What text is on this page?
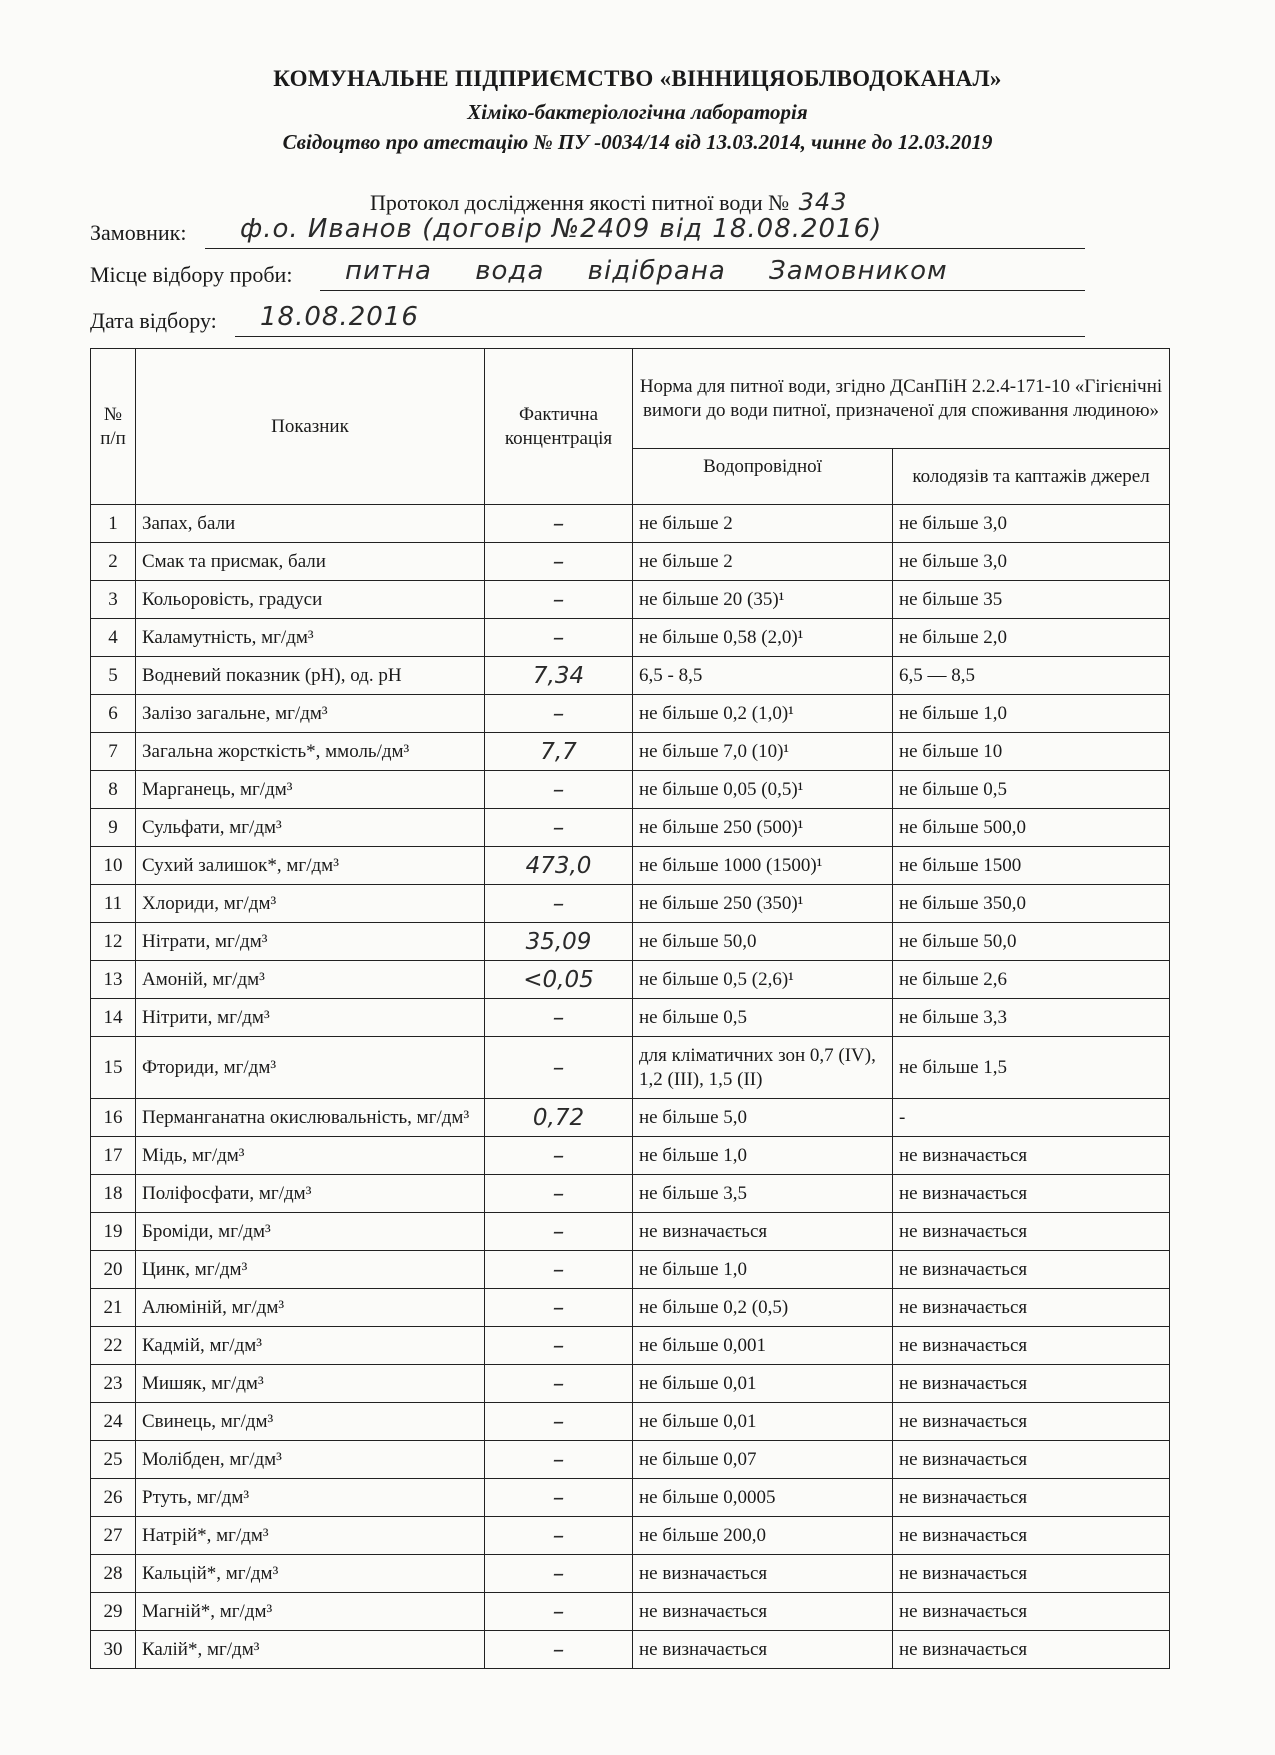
КОМУНАЛЬНЕ ПІДПРИЄМСТВО «ВІННИЦЯОБЛВОДОКАНАЛ»
Хіміко-бактеріологічна лабораторія
Свідоцтво про атестацію № ПУ -0034/14 від 13.03.2014, чинне до 12.03.2019
Протокол дослідження якості питної води № 343
Замовник: ф.о. Иванов (договір №2409 від 18.08.2016)
Місце відбору проби: питна вода відібрана Замовником
Дата відбору: 18.08.2016
№ п/п	Показник	Фактична концентрація	Норма для питної води, згідно ДСанПіН 2.2.4-171-10 «Гігієнічні вимоги до води питної, призначеної для споживання людиною»	
			Водопровідної	колодязів та каптажів джерел
1	Запах, бали	–	не більше 2	не більше 3,0
2	Смак та присмак, бали	–	не більше 2	не більше 3,0
3	Кольоровість, градуси	–	не більше 20 (35)¹	не більше 35
4	Каламутність, мг/дм³	–	не більше 0,58 (2,0)¹	не більше 2,0
5	Водневий показник (pH), од. pH	7,34	6,5 - 8,5	6,5 — 8,5
6	Залізо загальне, мг/дм³	–	не більше 0,2 (1,0)¹	не більше 1,0
7	Загальна жорсткість*, ммоль/дм³	7,7	не більше 7,0 (10)¹	не більше 10
8	Марганець, мг/дм³	–	не більше 0,05 (0,5)¹	не більше 0,5
9	Сульфати, мг/дм³	–	не більше 250 (500)¹	не більше 500,0
10	Сухий залишок*, мг/дм³	473,0	не більше 1000 (1500)¹	не більше 1500
11	Хлориди, мг/дм³	–	не більше 250 (350)¹	не більше 350,0
12	Нітрати, мг/дм³	35,09	не більше 50,0	не більше 50,0
13	Амоній, мг/дм³	<0,05	не більше 0,5 (2,6)¹	не більше 2,6
14	Нітрити, мг/дм³	–	не більше 0,5	не більше 3,3
15	Фториди, мг/дм³	–	для кліматичних зон 0,7 (IV), 1,2 (III), 1,5 (II)	не більше 1,5
16	Перманганатна окислювальність, мг/дм³	0,72	не більше 5,0	-
17	Мідь, мг/дм³	–	не більше 1,0	не визначається
18	Поліфосфати, мг/дм³	–	не більше 3,5	не визначається
19	Броміди, мг/дм³	–	не визначається	не визначається
20	Цинк, мг/дм³	–	не більше 1,0	не визначається
21	Алюміній, мг/дм³	–	не більше 0,2 (0,5)	не визначається
22	Кадмій, мг/дм³	–	не більше 0,001	не визначається
23	Мишяк, мг/дм³	–	не більше 0,01	не визначається
24	Свинець, мг/дм³	–	не більше 0,01	не визначається
25	Молібден, мг/дм³	–	не більше 0,07	не визначається
26	Ртуть, мг/дм³	–	не більше 0,0005	не визначається
27	Натрій*, мг/дм³	–	не більше 200,0	не визначається
28	Кальцій*, мг/дм³	–	не визначається	не визначається
29	Магній*, мг/дм³	–	не визначається	не визначається
30	Калій*, мг/дм³	–	не визначається	не визначається
